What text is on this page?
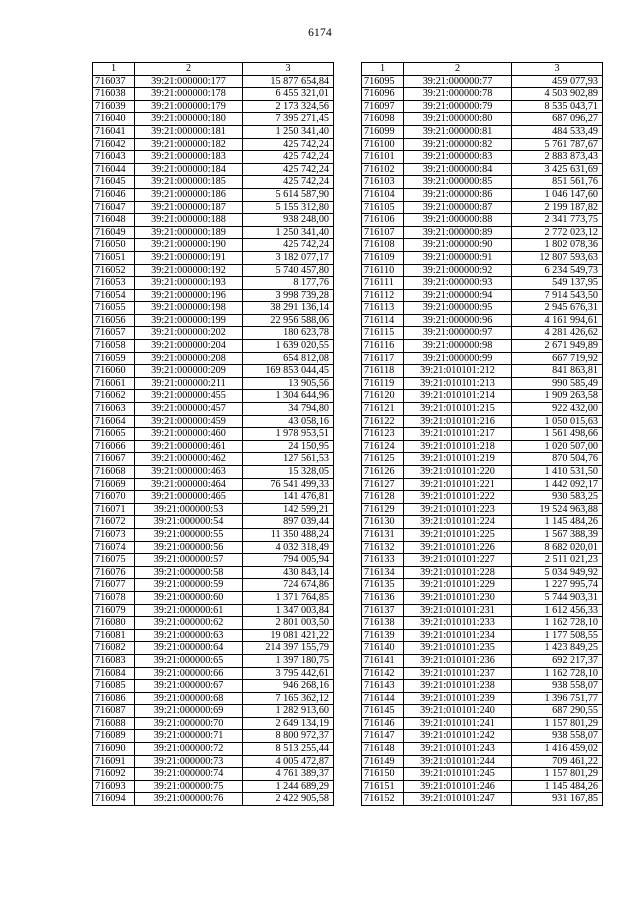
6174
1	2	3
716037	39:21:000000:177	15 877 654,84
716038	39:21:000000:178	6 455 321,01
716039	39:21:000000:179	2 173 324,56
716040	39:21:000000:180	7 395 271,45
716041	39:21:000000:181	1 250 341,40
716042	39:21:000000:182	425 742,24
716043	39:21:000000:183	425 742,24
716044	39:21:000000:184	425 742,24
716045	39:21:000000:185	425 742,24
716046	39:21:000000:186	5 614 587,90
716047	39:21:000000:187	5 155 312,80
716048	39:21:000000:188	938 248,00
716049	39:21:000000:189	1 250 341,40
716050	39:21:000000:190	425 742,24
716051	39:21:000000:191	3 182 077,17
716052	39:21:000000:192	5 740 457,80
716053	39:21:000000:193	8 177,76
716054	39:21:000000:196	3 998 739,28
716055	39:21:000000:198	38 291 136,14
716056	39:21:000000:199	22 956 588,06
716057	39:21:000000:202	180 623,78
716058	39:21:000000:204	1 639 020,55
716059	39:21:000000:208	654 812,08
716060	39:21:000000:209	169 853 044,45
716061	39:21:000000:211	13 905,56
716062	39:21:000000:455	1 304 644,96
716063	39:21:000000:457	34 794,80
716064	39:21:000000:459	43 058,16
716065	39:21:000000:460	1 978 953,51
716066	39:21:000000:461	24 150,95
716067	39:21:000000:462	127 561,53
716068	39:21:000000:463	15 328,05
716069	39:21:000000:464	76 541 499,33
716070	39:21:000000:465	141 476,81
716071	39:21:000000:53	142 599,21
716072	39:21:000000:54	897 039,44
716073	39:21:000000:55	11 350 488,24
716074	39:21:000000:56	4 032 318,49
716075	39:21:000000:57	794 005,94
716076	39:21:000000:58	430 843,14
716077	39:21:000000:59	724 674,86
716078	39:21:000000:60	1 371 764,85
716079	39:21:000000:61	1 347 003,84
716080	39:21:000000:62	2 801 003,50
716081	39:21:000000:63	19 081 421,22
716082	39:21:000000:64	214 397 155,79
716083	39:21:000000:65	1 397 180,75
716084	39:21:000000:66	3 795 442,61
716085	39:21:000000:67	946 268,16
716086	39:21:000000:68	7 165 362,12
716087	39:21:000000:69	1 282 913,60
716088	39:21:000000:70	2 649 134,19
716089	39:21:000000:71	8 800 972,37
716090	39:21:000000:72	8 513 255,44
716091	39:21:000000:73	4 005 472,87
716092	39:21:000000:74	4 761 389,37
716093	39:21:000000:75	1 244 689,29
716094	39:21:000000:76	2 422 905,58
1	2	3
716095	39:21:000000:77	459 077,93
716096	39:21:000000:78	4 503 902,89
716097	39:21:000000:79	8 535 043,71
716098	39:21:000000:80	687 096,27
716099	39:21:000000:81	484 533,49
716100	39:21:000000:82	5 761 787,67
716101	39:21:000000:83	2 883 873,43
716102	39:21:000000:84	3 425 631,69
716103	39:21:000000:85	851 561,76
716104	39:21:000000:86	1 046 147,60
716105	39:21:000000:87	2 199 187,82
716106	39:21:000000:88	2 341 773,75
716107	39:21:000000:89	2 772 023,12
716108	39:21:000000:90	1 802 078,36
716109	39:21:000000:91	12 807 593,63
716110	39:21:000000:92	6 234 549,73
716111	39:21:000000:93	549 137,95
716112	39:21:000000:94	7 914 543,50
716113	39:21:000000:95	2 945 676,31
716114	39:21:000000:96	4 161 994,61
716115	39:21:000000:97	4 281 426,62
716116	39:21:000000:98	2 671 949,89
716117	39:21:000000:99	667 719,92
716118	39:21:010101:212	841 863,81
716119	39:21:010101:213	990 585,49
716120	39:21:010101:214	1 909 263,58
716121	39:21:010101:215	922 432,00
716122	39:21:010101:216	1 050 015,63
716123	39:21:010101:217	1 561 498,66
716124	39:21:010101:218	1 020 507,00
716125	39:21:010101:219	870 504,76
716126	39:21:010101:220	1 410 531,50
716127	39:21:010101:221	1 442 092,17
716128	39:21:010101:222	930 583,25
716129	39:21:010101:223	19 524 963,88
716130	39:21:010101:224	1 145 484,26
716131	39:21:010101:225	1 567 388,39
716132	39:21:010101:226	8 682 020,01
716133	39:21:010101:227	2 511 021,23
716134	39:21:010101:228	5 034 949,92
716135	39:21:010101:229	1 227 995,74
716136	39:21:010101:230	5 744 903,31
716137	39:21:010101:231	1 612 456,33
716138	39:21:010101:233	1 162 728,10
716139	39:21:010101:234	1 177 508,55
716140	39:21:010101:235	1 423 849,25
716141	39:21:010101:236	692 217,37
716142	39:21:010101:237	1 162 728,10
716143	39:21:010101:238	938 558,07
716144	39:21:010101:239	1 396 751,77
716145	39:21:010101:240	687 290,55
716146	39:21:010101:241	1 157 801,29
716147	39:21:010101:242	938 558,07
716148	39:21:010101:243	1 416 459,02
716149	39:21:010101:244	709 461,22
716150	39:21:010101:245	1 157 801,29
716151	39:21:010101:246	1 145 484,26
716152	39:21:010101:247	931 167,85
